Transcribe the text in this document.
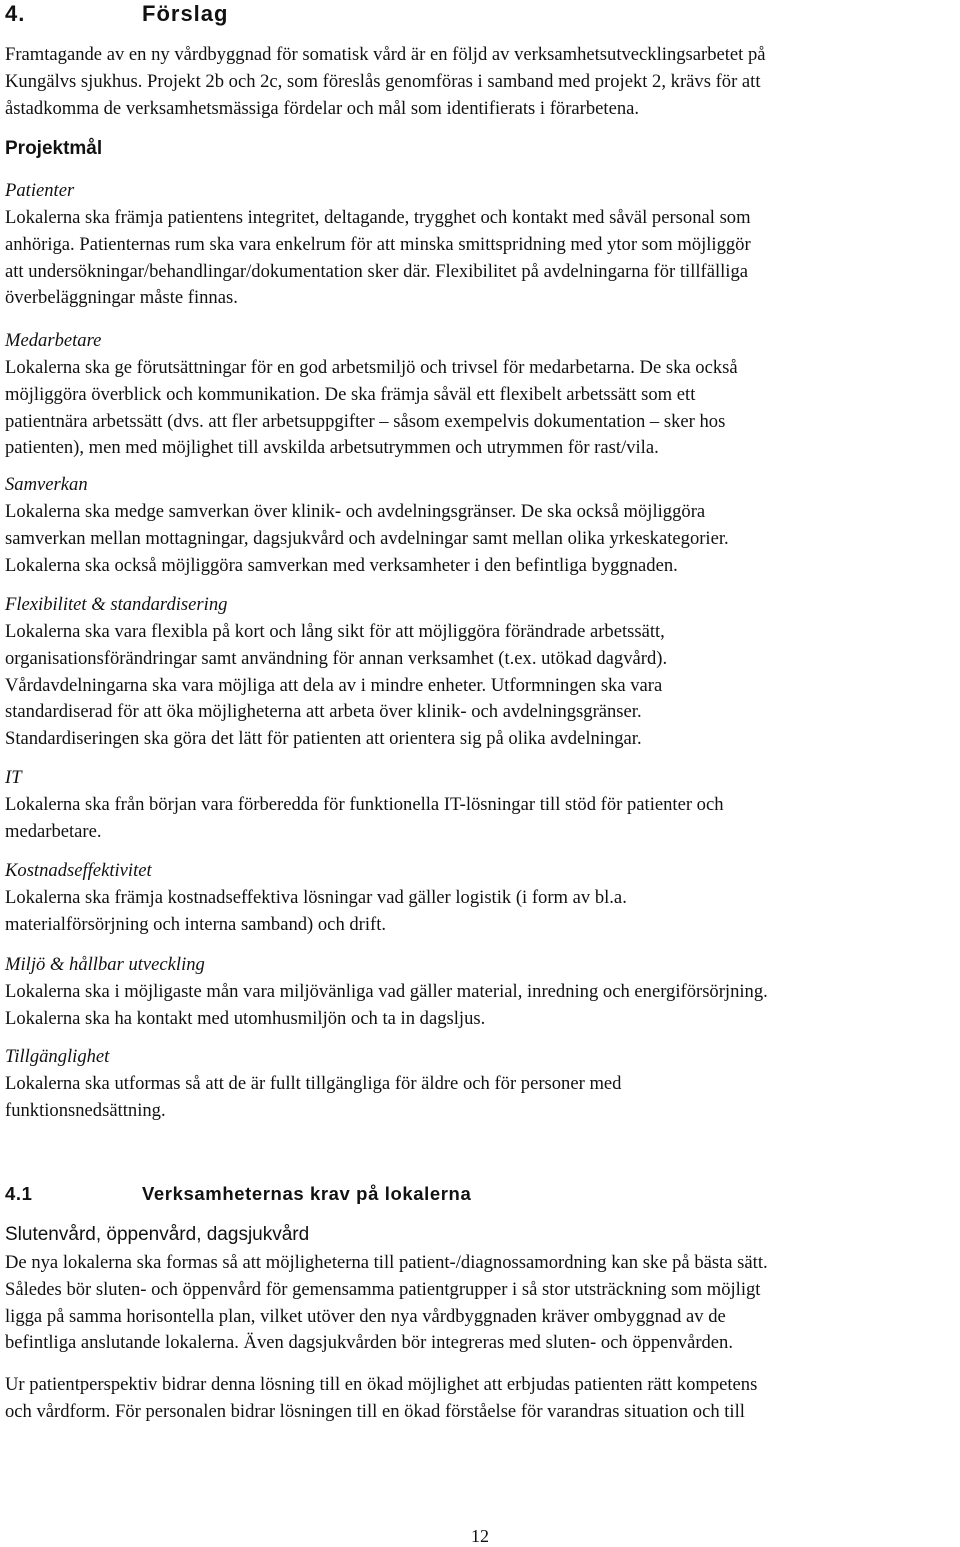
4.	Förslag
Framtagande av en ny vårdbyggnad för somatisk vård är en följd av verksamhetsutvecklingsarbetet på
Kungälvs sjukhus. Projekt 2b och 2c, som föreslås genomföras i samband med projekt 2, krävs för att
åstadkomma de verksamhetsmässiga fördelar och mål som identifierats i förarbetena.
Projektmål
Patienter
Lokalerna ska främja patientens integritet, deltagande, trygghet och kontakt med såväl personal som
anhöriga. Patienternas rum ska vara enkelrum för att minska smittspridning med ytor som möjliggör
att undersökningar/behandlingar/dokumentation sker där. Flexibilitet på avdelningarna för tillfälliga
överbeläggningar måste finnas.
Medarbetare
Lokalerna ska ge förutsättningar för en god arbetsmiljö och trivsel för medarbetarna. De ska också
möjliggöra överblick och kommunikation. De ska främja såväl ett flexibelt arbetssätt som ett
patientnära arbetssätt (dvs. att fler arbetsuppgifter – såsom exempelvis dokumentation – sker hos
patienten), men med möjlighet till avskilda arbetsutrymmen och utrymmen för rast/vila.
Samverkan
Lokalerna ska medge samverkan över klinik- och avdelningsgränser. De ska också möjliggöra
samverkan mellan mottagningar, dagsjukvård och avdelningar samt mellan olika yrkeskategorier.
Lokalerna ska också möjliggöra samverkan med verksamheter i den befintliga byggnaden.
Flexibilitet & standardisering
Lokalerna ska vara flexibla på kort och lång sikt för att möjliggöra förändrade arbetssätt,
organisationsförändringar samt användning för annan verksamhet (t.ex. utökad dagvård).
Vårdavdelningarna ska vara möjliga att dela av i mindre enheter. Utformningen ska vara
standardiserad för att öka möjligheterna att arbeta över klinik- och avdelningsgränser.
Standardiseringen ska göra det lätt för patienten att orientera sig på olika avdelningar.
IT
Lokalerna ska från början vara förberedda för funktionella IT-lösningar till stöd för patienter och
medarbetare.
Kostnadseffektivitet
Lokalerna ska främja kostnadseffektiva lösningar vad gäller logistik (i form av bl.a.
materialförsörjning och interna samband) och drift.
Miljö & hållbar utveckling
Lokalerna ska i möjligaste mån vara miljövänliga vad gäller material, inredning och energiförsörjning.
Lokalerna ska ha kontakt med utomhusmiljön och ta in dagsljus.
Tillgänglighet
Lokalerna ska utformas så att de är fullt tillgängliga för äldre och för personer med
funktionsnedsättning.
4.1	Verksamheternas krav på lokalerna
Slutenvård, öppenvård, dagsjukvård
De nya lokalerna ska formas så att möjligheterna till patient-/diagnossamordning kan ske på bästa sätt.
Således bör sluten- och öppenvård för gemensamma patientgrupper i så stor utsträckning som möjligt
ligga på samma horisontella plan, vilket utöver den nya vårdbyggnaden kräver ombyggnad av de
befintliga anslutande lokalerna. Även dagsjukvården bör integreras med sluten- och öppenvården.
Ur patientperspektiv bidrar denna lösning till en ökad möjlighet att erbjudas patienten rätt kompetens
och vårdform. För personalen bidrar lösningen till en ökad förståelse för varandras situation och till
12
